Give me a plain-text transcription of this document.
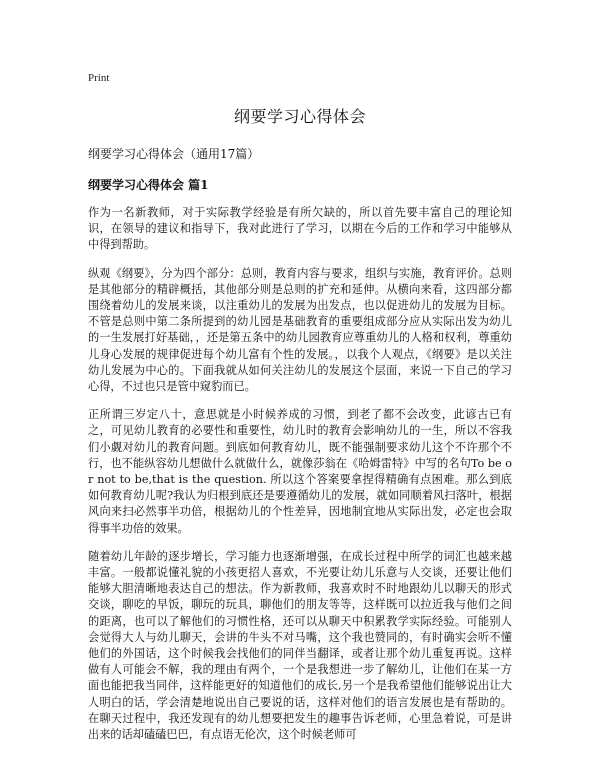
Print
纲要学习心得体会

纲要学习心得体会（通用17篇）

纲要学习心得体会 篇1

作为一名新教师，对于实际教学经验是有所欠缺的，所以首先要丰富自己的理论知识，在领导的建议和指导下，我对此进行了学习，以期在今后的工作和学习中能够从中得到帮助。

纵观《纲要》，分为四个部分：总则，教育内容与要求，组织与实施，教育评价。总则是其他部分的精辟概括，其他部分则是总则的扩充和延伸。从横向来看，这四部分都围绕着幼儿的发展来谈，以注重幼儿的发展为出发点，也以促进幼儿的发展为目标。不管是总则中第二条所提到的幼儿园是基础教育的重要组成部分应从实际出发为幼儿的一生发展打好基础，，还是第五条中的幼儿园教育应尊重幼儿的人格和权利，尊重幼儿身心发展的规律促进每个幼儿富有个性的发展。，以我个人观点，《纲要》是以关注幼儿发展为中心的。下面我就从如何关注幼儿的发展这个层面，来说一下自己的学习心得，不过也只是管中窥豹而已。

正所谓三岁定八十，意思就是小时候养成的习惯，到老了都不会改变，此谚古已有之，可见幼儿教育的必要性和重要性，幼儿时的教育会影响幼儿的一生，所以不容我们小觑对幼儿的教育问题。到底如何教育幼儿，既不能强制要求幼儿这个不许那个不行，也不能纵容幼儿想做什么就做什么，就像莎翁在《哈姆雷特》中写的名句To be or not to be,that is the question. 所以这个答案要拿捏得精确有点困难。那么到底如何教育幼儿呢?我认为归根到底还是要遵循幼儿的发展，就如同顺着风扫落叶，根据风向来扫必然事半功倍，根据幼儿的个性差异，因地制宜地从实际出发，必定也会取得事半功倍的效果。

随着幼儿年龄的逐步增长，学习能力也逐渐增强，在成长过程中所学的词汇也越来越丰富。一般都说懂礼貌的小孩更招人喜欢，不光要让幼儿乐意与人交谈，还要让他们能够大胆清晰地表达自己的想法。作为新教师，我喜欢时不时地跟幼儿以聊天的形式交谈，聊吃的早饭，聊玩的玩具，聊他们的朋友等等，这样既可以拉近我与他们之间的距离，也可以了解他们的习惯性格，还可以从聊天中积累教学实际经验。可能别人会觉得大人与幼儿聊天，会讲的牛头不对马嘴，这个我也赞同的，有时确实会听不懂他们的外国话，这个时候我会找他们的同伴当翻译，或者让那个幼儿重复再说。这样做有人可能会不解，我的理由有两个，一个是我想进一步了解幼儿，让他们在某一方面也能把我当同伴，这样能更好的知道他们的成长,另一个是我希望他们能够说出让大人明白的话，学会清楚地说出自己要说的话，这样对他们的语言发展也是有帮助的。在聊天过程中，我还发现有的幼儿想要把发生的趣事告诉老师，心里急着说，可是讲出来的话却磕磕巴巴，有点语无伦次，这个时候老师可
